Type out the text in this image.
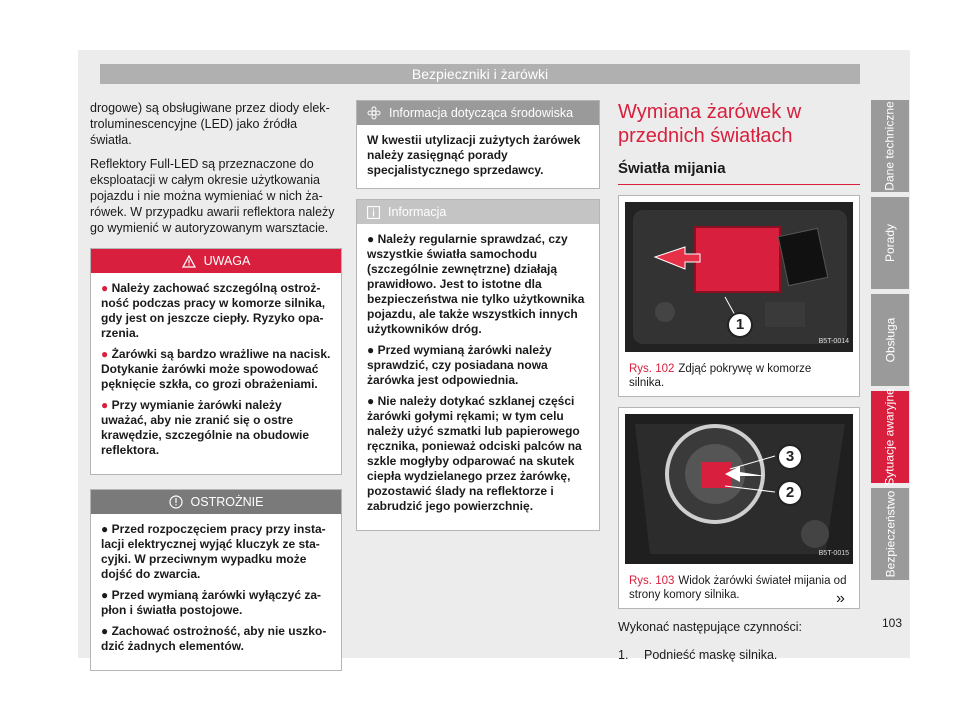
Bezpieczniki i żarówki

drogowe) są obsługiwane przez diody elektroluminescencyjne (LED) jako źródła światła.

Reflektory Full-LED są przeznaczone do eksploatacji w całym okresie użytkowania pojazdu i nie można wymieniać w nich żarówek. W przypadku awarii reflektora należy go wymienić w autoryzowanym warsztacie.

UWAGA
● Należy zachować szczególną ostrożność podczas pracy w komorze silnika, gdy jest on jeszcze ciepły. Ryzyko oparzenia.
● Żarówki są bardzo wrażliwe na nacisk. Dotykanie żarówki może spowodować pęknięcie szkła, co grozi obrażeniami.
● Przy wymianie żarówki należy uważać, aby nie zranić się o ostre krawędzie, szczególnie na obudowie reflektora.
OSTROŻNIE
● Przed rozpoczęciem pracy przy instalacji elektrycznej wyjąć kluczyk ze stacyjki. W przeciwnym wypadku może dojść do zwarcia.
● Przed wymianą żarówki wyłączyć zapłon i światła postojowe.
● Zachować ostrożność, aby nie uszkodzić żadnych elementów.
Informacja dotycząca środowiska
W kwestii utylizacji zużytych żarówek należy zasięgnąć porady specjalistycznego sprzedawcy.
Informacja
● Należy regularnie sprawdzać, czy wszystkie światła samochodu (szczególnie zewnętrzne) działają prawidłowo. Jest to istotne dla bezpieczeństwa nie tylko użytkownika pojazdu, ale także wszystkich innych użytkowników dróg.
● Przed wymianą żarówki należy sprawdzić, czy posiadana nowa żarówka jest odpowiednia.
● Nie należy dotykać szklanej części żarówki gołymi rękami; w tym celu należy użyć szmatki lub papierowego ręcznika, ponieważ odciski palców na szkle mogłyby odparować na skutek ciepła wydzielanego przez żarówkę, pozostawić ślady na reflektorze i zabrudzić jego powierzchnię.
Wymiana żarówek w przednich światłach
Światła mijania
1
B5T-0014
Rys. 102 Zdjąć pokrywę w komorze silnika.
3
2
B5T-0015
Rys. 103 Widok żarówki świateł mijania od strony komory silnika.
Wykonać następujące czynności:
1.	Podnieść maskę silnika.
»
103
Dane techniczne
Porady
Obsługa
Sytuacje awaryjne
Bezpieczeństwo
